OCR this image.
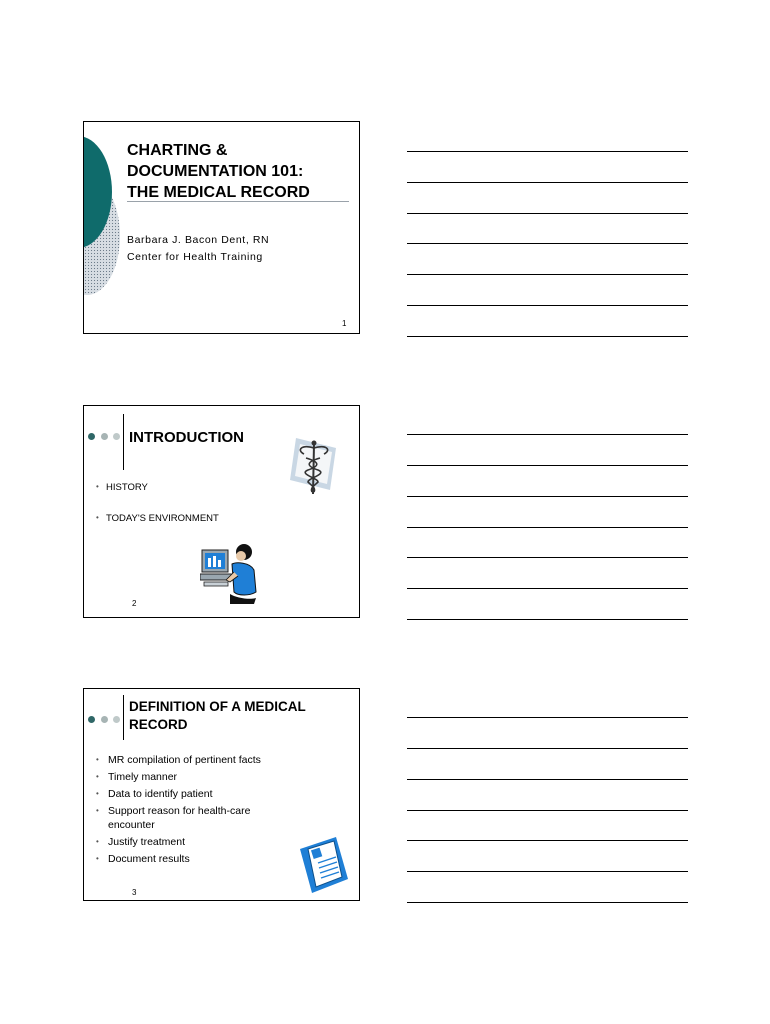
CHARTING &
DOCUMENTATION 101:
THE MEDICAL RECORD
Barbara J. Bacon Dent, RN
Center for Health Training
1
INTRODUCTION
• HISTORY
• TODAY'S ENVIRONMENT
2
DEFINITION OF A MEDICAL RECORD
• MR compilation of pertinent facts
• Timely manner
• Data to identify patient
• Support reason for health-care encounter
• Justify treatment
• Document results
3
